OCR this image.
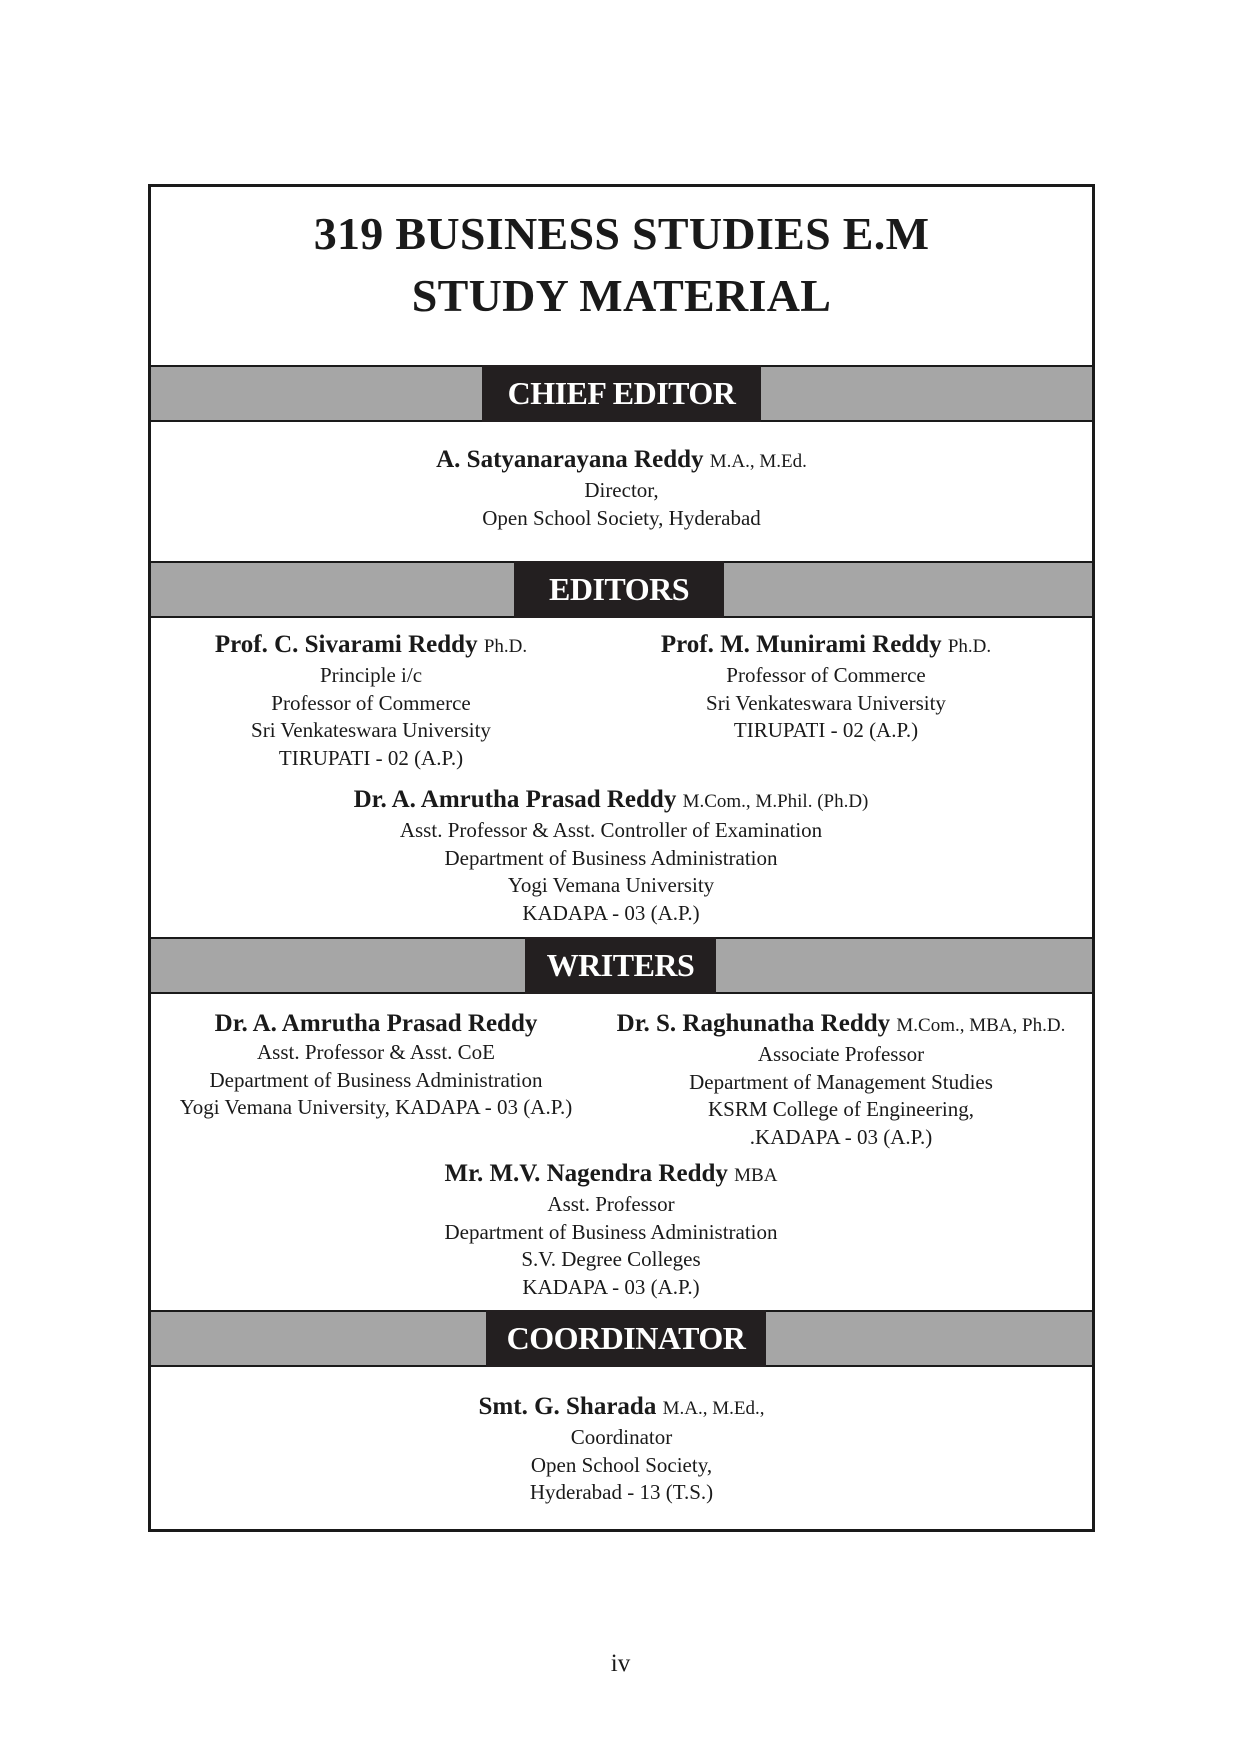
319 BUSINESS STUDIES E.M
STUDY MATERIAL
CHIEF EDITOR
A. Satyanarayana Reddy M.A., M.Ed.
Director,
Open School Society, Hyderabad
EDITORS
Prof. C. Sivarami Reddy Ph.D.
Principle i/c
Professor of Commerce
Sri Venkateswara University
TIRUPATI - 02 (A.P.)
Prof. M. Munirami Reddy Ph.D.
Professor of Commerce
Sri Venkateswara University
TIRUPATI - 02 (A.P.)
Dr. A. Amrutha Prasad Reddy M.Com., M.Phil. (Ph.D)
Asst. Professor & Asst. Controller of Examination
Department of Business Administration
Yogi Vemana University
KADAPA - 03 (A.P.)
WRITERS
Dr. A. Amrutha Prasad Reddy
Asst. Professor & Asst. CoE
Department of Business Administration
Yogi Vemana University, KADAPA - 03 (A.P.)
Dr. S. Raghunatha Reddy M.Com., MBA, Ph.D.
Associate Professor
Department of Management Studies
KSRM College of Engineering,
.KADAPA - 03 (A.P.)
Mr. M.V. Nagendra Reddy MBA
Asst. Professor
Department of Business Administration
S.V. Degree Colleges
KADAPA - 03 (A.P.)
COORDINATOR
Smt. G. Sharada M.A., M.Ed.,
Coordinator
Open School Society,
Hyderabad - 13 (T.S.)
iv
